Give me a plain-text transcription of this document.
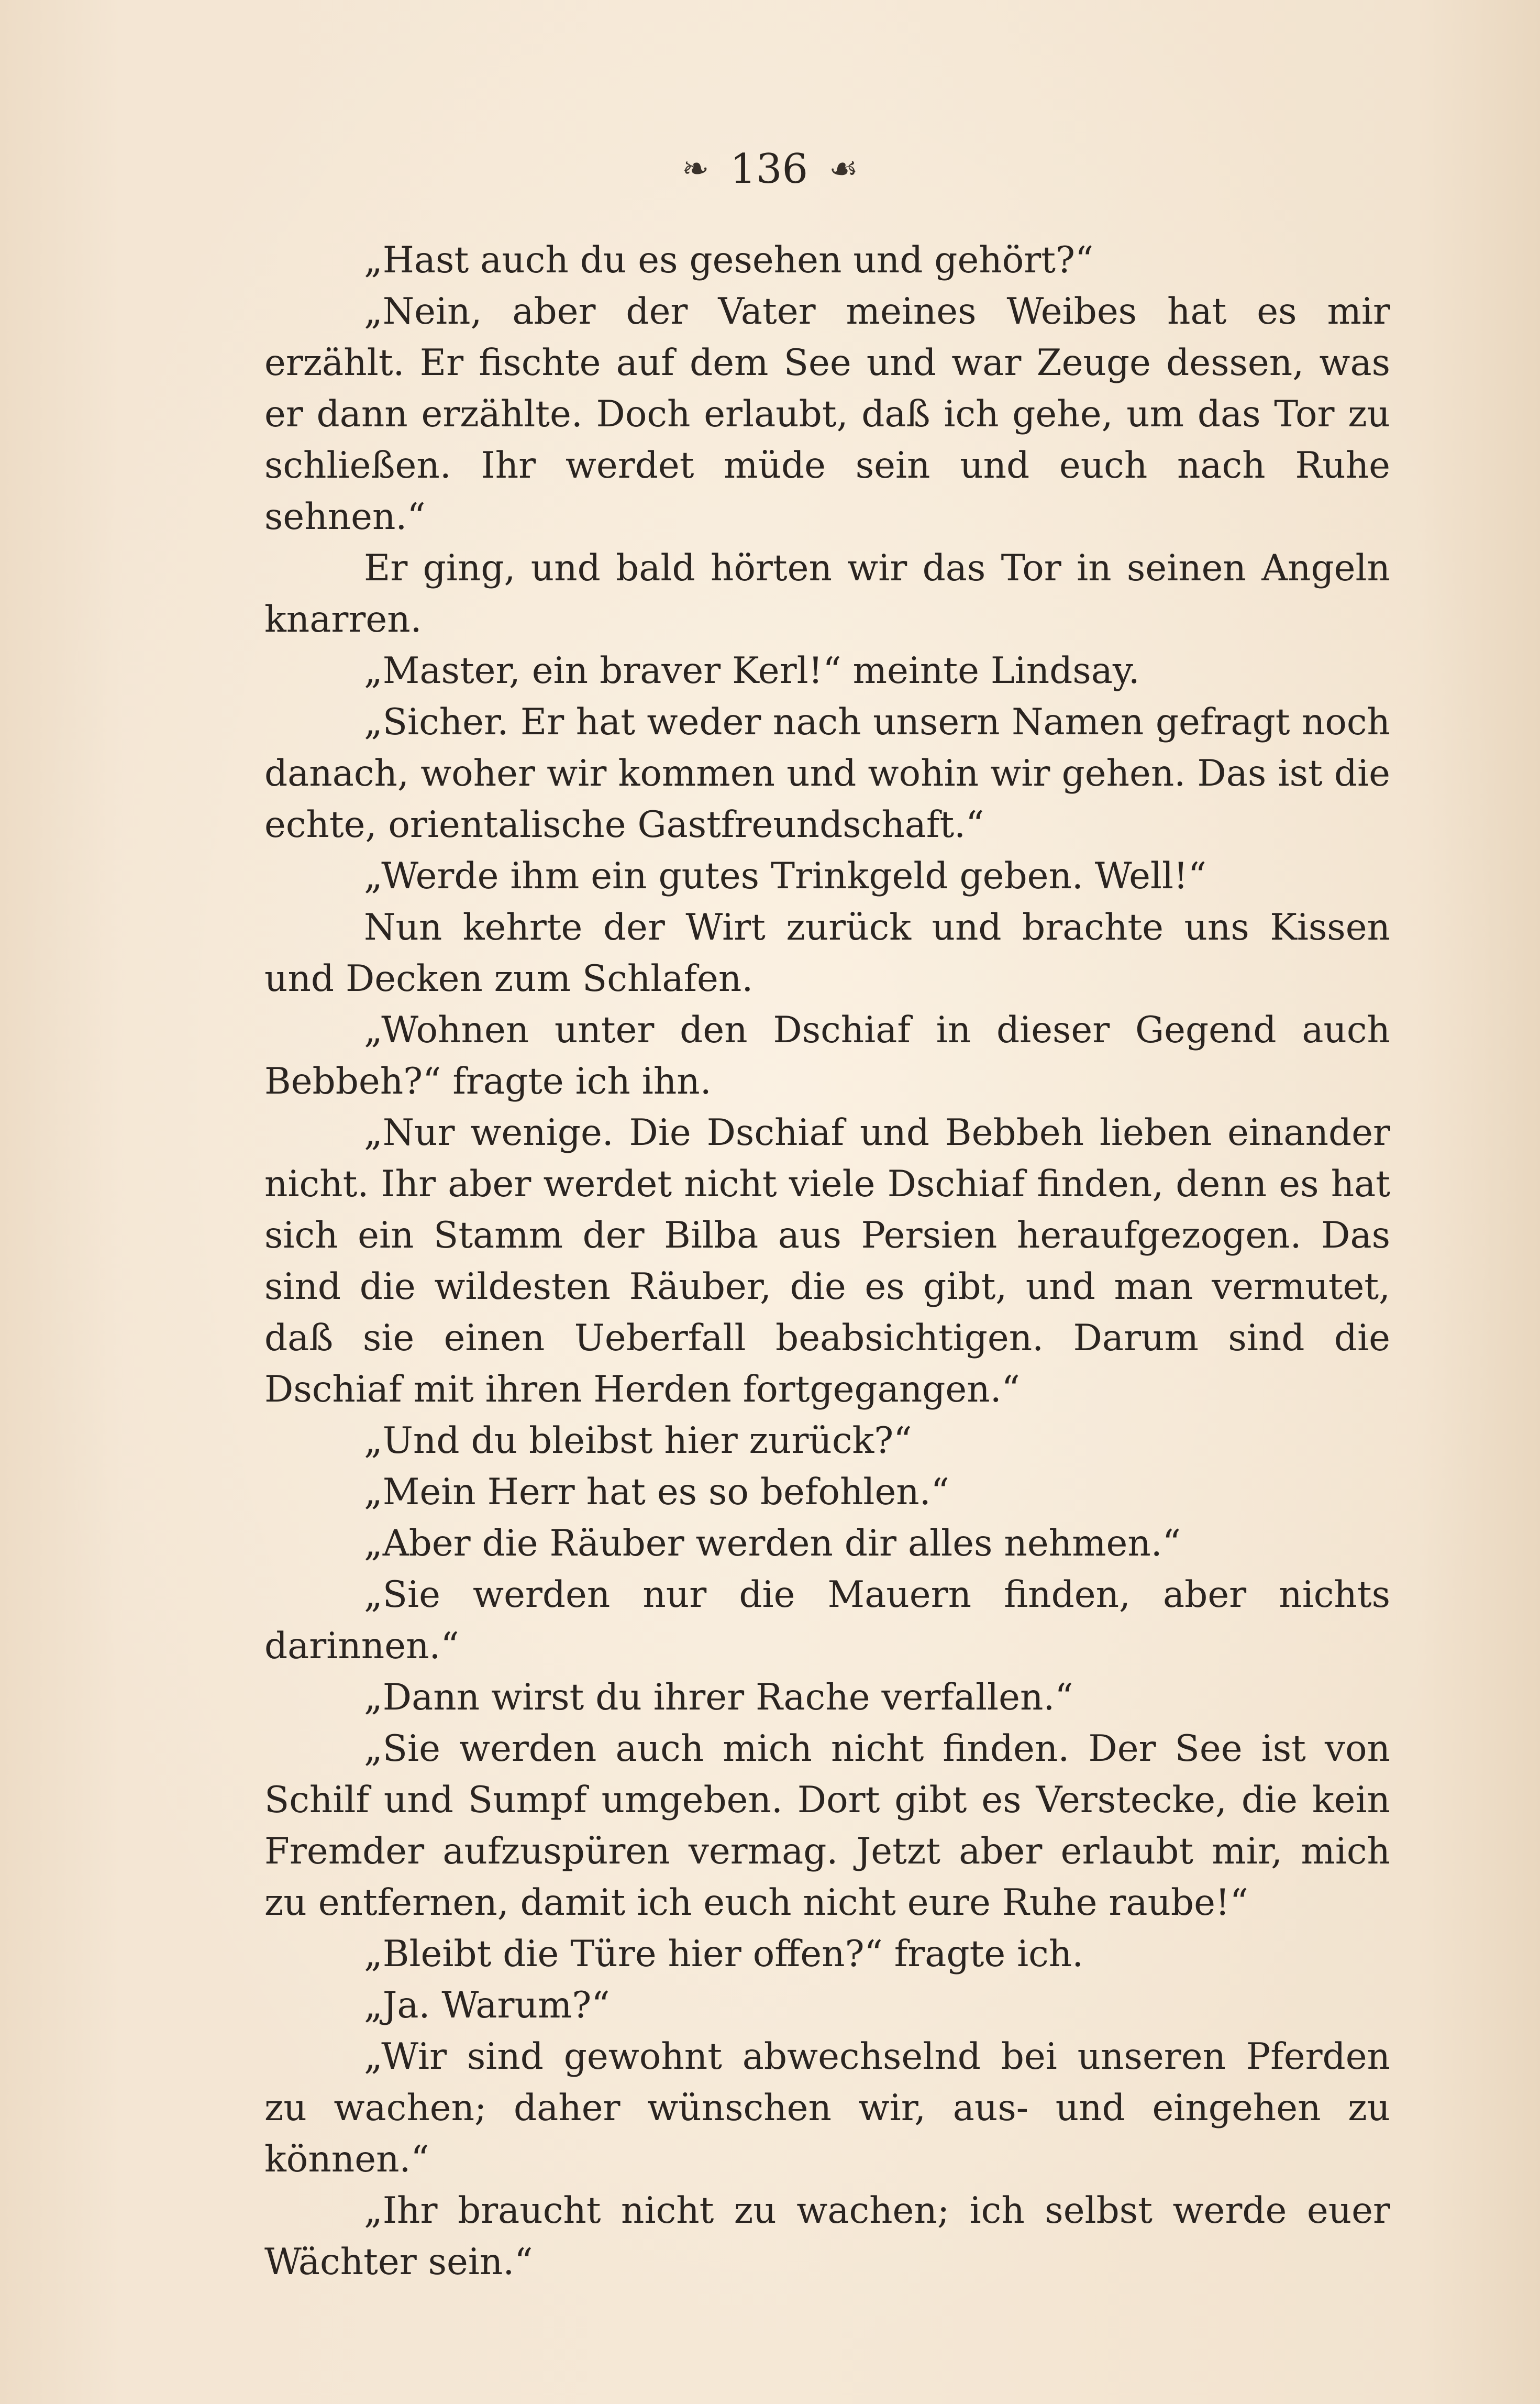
❧ 136 ☙

„Hast auch du es gesehen und gehört?“

„Nein, aber der Vater meines Weibes hat es mir erzählt. Er fischte auf dem See und war Zeuge dessen, was er dann erzählte. Doch erlaubt, daß ich gehe, um das Tor zu schließen. Ihr werdet müde sein und euch nach Ruhe sehnen.“

Er ging, und bald hörten wir das Tor in seinen Angeln knarren.

„Master, ein braver Kerl!“ meinte Lindsay.

„Sicher. Er hat weder nach unsern Namen gefragt noch danach, woher wir kommen und wohin wir gehen. Das ist die echte, orientalische Gastfreundschaft.“

„Werde ihm ein gutes Trinkgeld geben. Well!“

Nun kehrte der Wirt zurück und brachte uns Kissen und Decken zum Schlafen.

„Wohnen unter den Dschiaf in dieser Gegend auch Bebbeh?“ fragte ich ihn.

„Nur wenige. Die Dschiaf und Bebbeh lieben einander nicht. Ihr aber werdet nicht viele Dschiaf finden, denn es hat sich ein Stamm der Bilba aus Persien heraufgezogen. Das sind die wildesten Räuber, die es gibt, und man vermutet, daß sie einen Ueberfall beabsichtigen. Darum sind die Dschiaf mit ihren Herden fortgegangen.“

„Und du bleibst hier zurück?“

„Mein Herr hat es so befohlen.“

„Aber die Räuber werden dir alles nehmen.“

„Sie werden nur die Mauern finden, aber nichts darinnen.“

„Dann wirst du ihrer Rache verfallen.“

„Sie werden auch mich nicht finden. Der See ist von Schilf und Sumpf umgeben. Dort gibt es Verstecke, die kein Fremder aufzuspüren vermag. Jetzt aber erlaubt mir, mich zu entfernen, damit ich euch nicht eure Ruhe raube!“

„Bleibt die Türe hier offen?“ fragte ich.

„Ja. Warum?“

„Wir sind gewohnt abwechselnd bei unseren Pferden zu wachen; daher wünschen wir, aus- und eingehen zu können.“

„Ihr braucht nicht zu wachen; ich selbst werde euer Wächter sein.“
